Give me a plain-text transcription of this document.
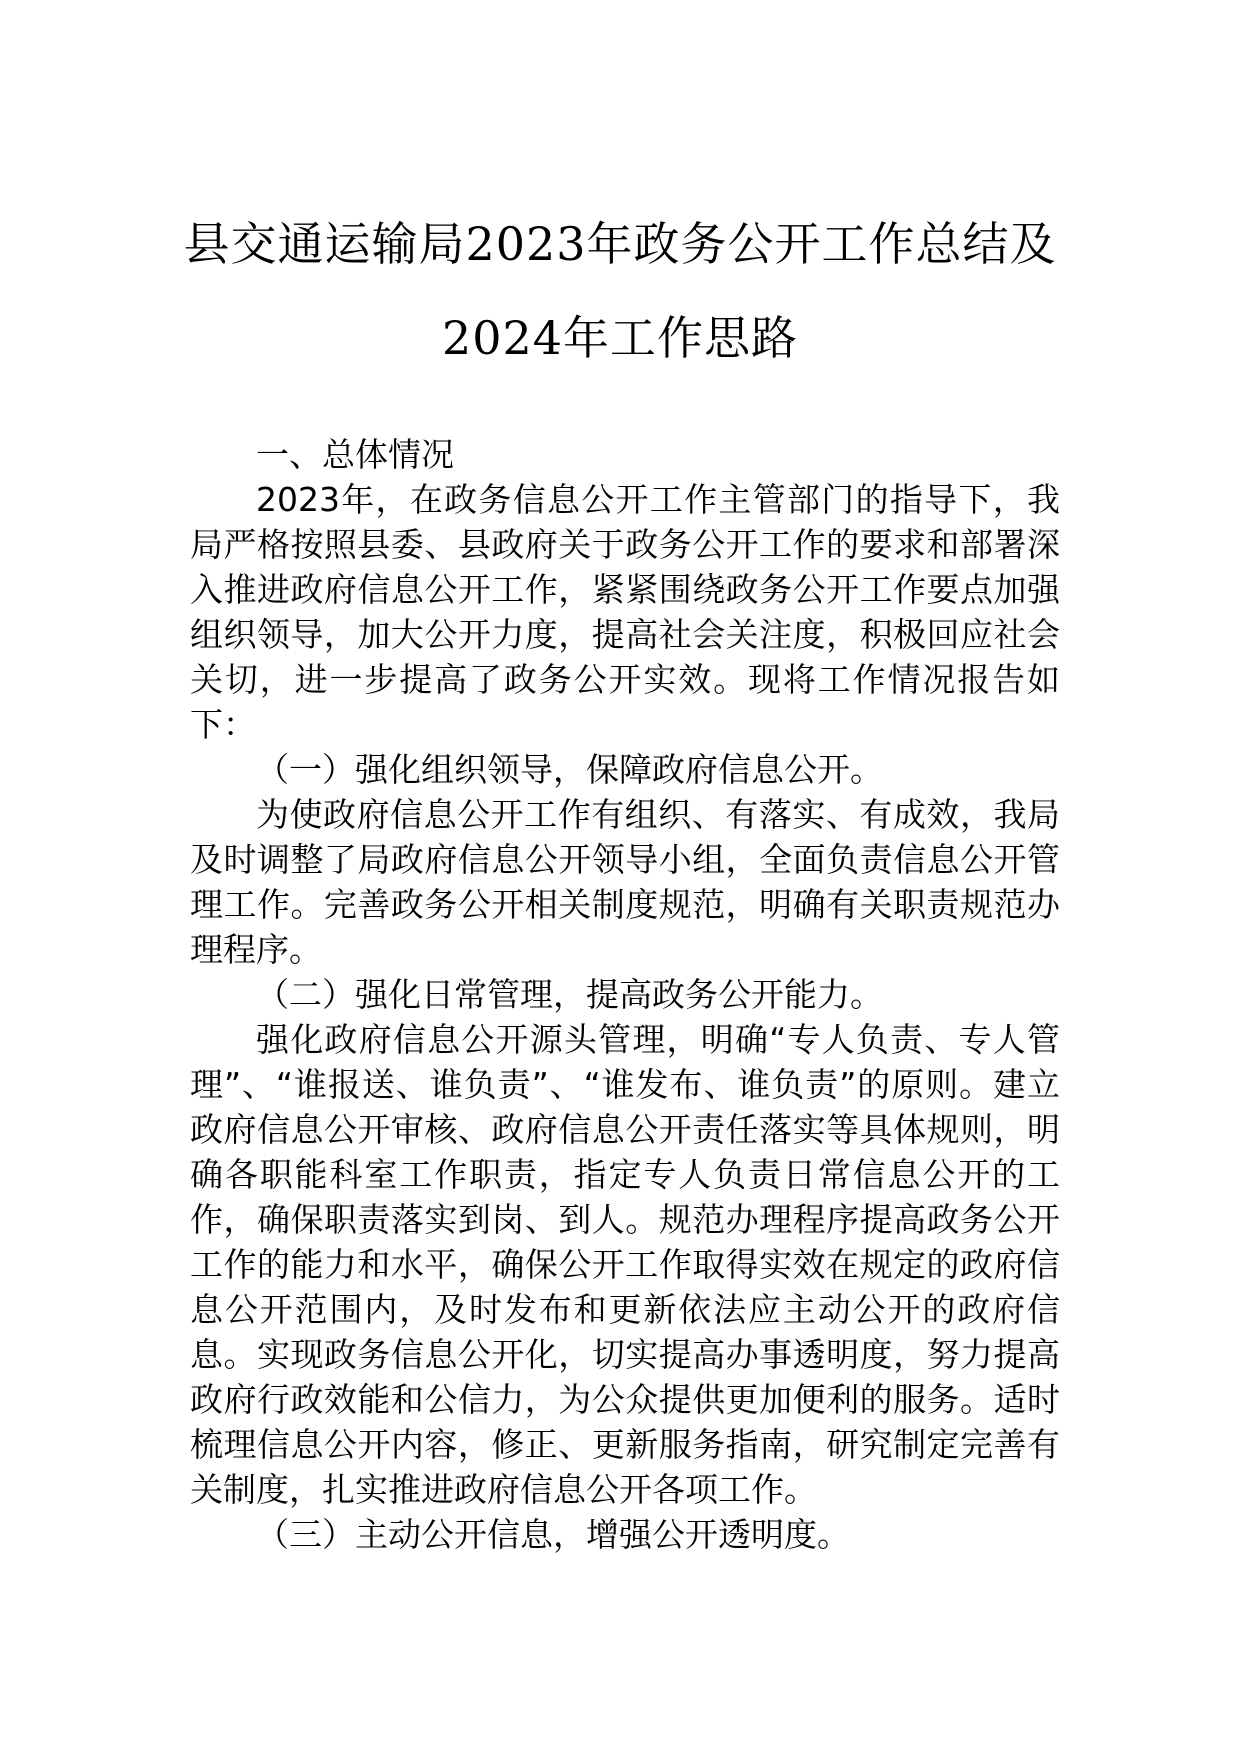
县交通运输局2023年政务公开工作总结及
2024年工作思路

一、总体情况

2023年，在政务信息公开工作主管部门的指导下，我局严格按照县委、县政府关于政务公开工作的要求和部署深入推进政府信息公开工作，紧紧围绕政务公开工作要点加强组织领导，加大公开力度，提高社会关注度，积极回应社会关切，进一步提高了政务公开实效。现将工作情况报告如下：

（一）强化组织领导，保障政府信息公开。

为使政府信息公开工作有组织、有落实、有成效，我局及时调整了局政府信息公开领导小组，全面负责信息公开管理工作。完善政务公开相关制度规范，明确有关职责规范办理程序。

（二）强化日常管理，提高政务公开能力。

强化政府信息公开源头管理，明确“专人负责、专人管理”、“谁报送、谁负责”、“谁发布、谁负责”的原则。建立政府信息公开审核、政府信息公开责任落实等具体规则，明确各职能科室工作职责，指定专人负责日常信息公开的工作，确保职责落实到岗、到人。规范办理程序提高政务公开工作的能力和水平，确保公开工作取得实效在规定的政府信息公开范围内，及时发布和更新依法应主动公开的政府信息。实现政务信息公开化，切实提高办事透明度，努力提高政府行政效能和公信力，为公众提供更加便利的服务。适时梳理信息公开内容，修正、更新服务指南，研究制定完善有关制度，扎实推进政府信息公开各项工作。

（三）主动公开信息，增强公开透明度。
